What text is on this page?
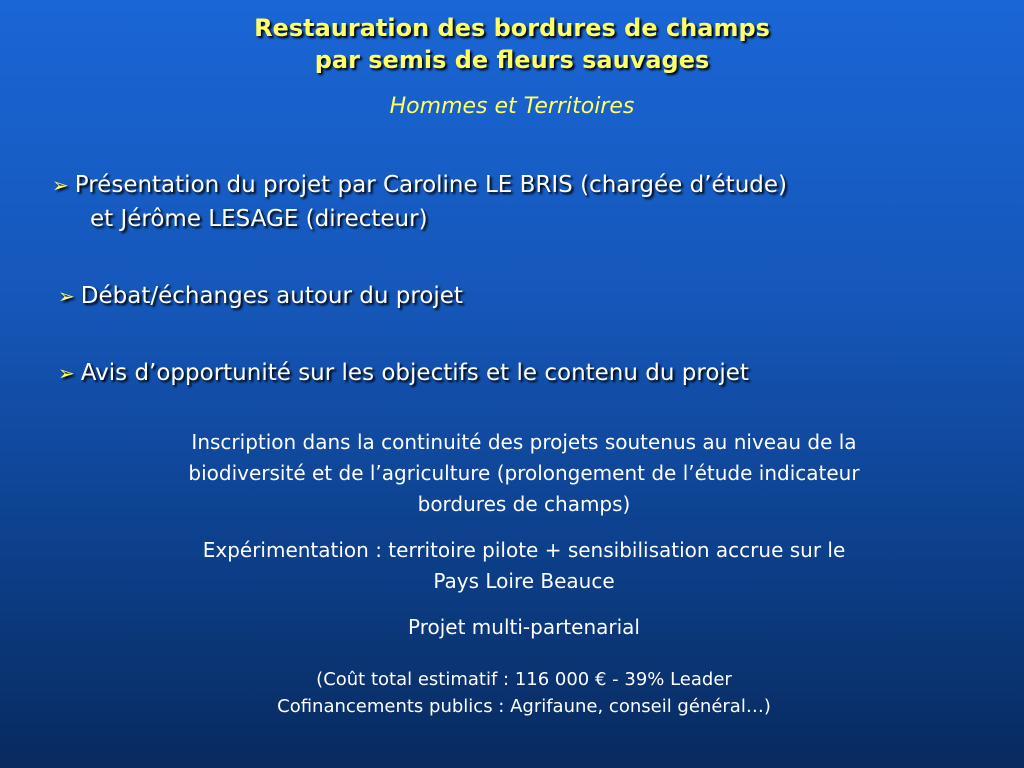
Restauration des bordures de champs
par semis de fleurs sauvages
Hommes et Territoires
➢ Présentation du projet par Caroline LE BRIS (chargée d’étude)
et Jérôme LESAGE (directeur)
➢ Débat/échanges autour du projet
➢ Avis d’opportunité sur les objectifs et le contenu du projet
Inscription dans la continuité des projets soutenus au niveau de la
biodiversité et de l’agriculture (prolongement de l’étude indicateur
bordures de champs)
Expérimentation : territoire pilote + sensibilisation accrue sur le
Pays Loire Beauce
Projet multi-partenarial
(Coût total estimatif : 116 000 € - 39% Leader
Cofinancements publics : Agrifaune, conseil général…)
